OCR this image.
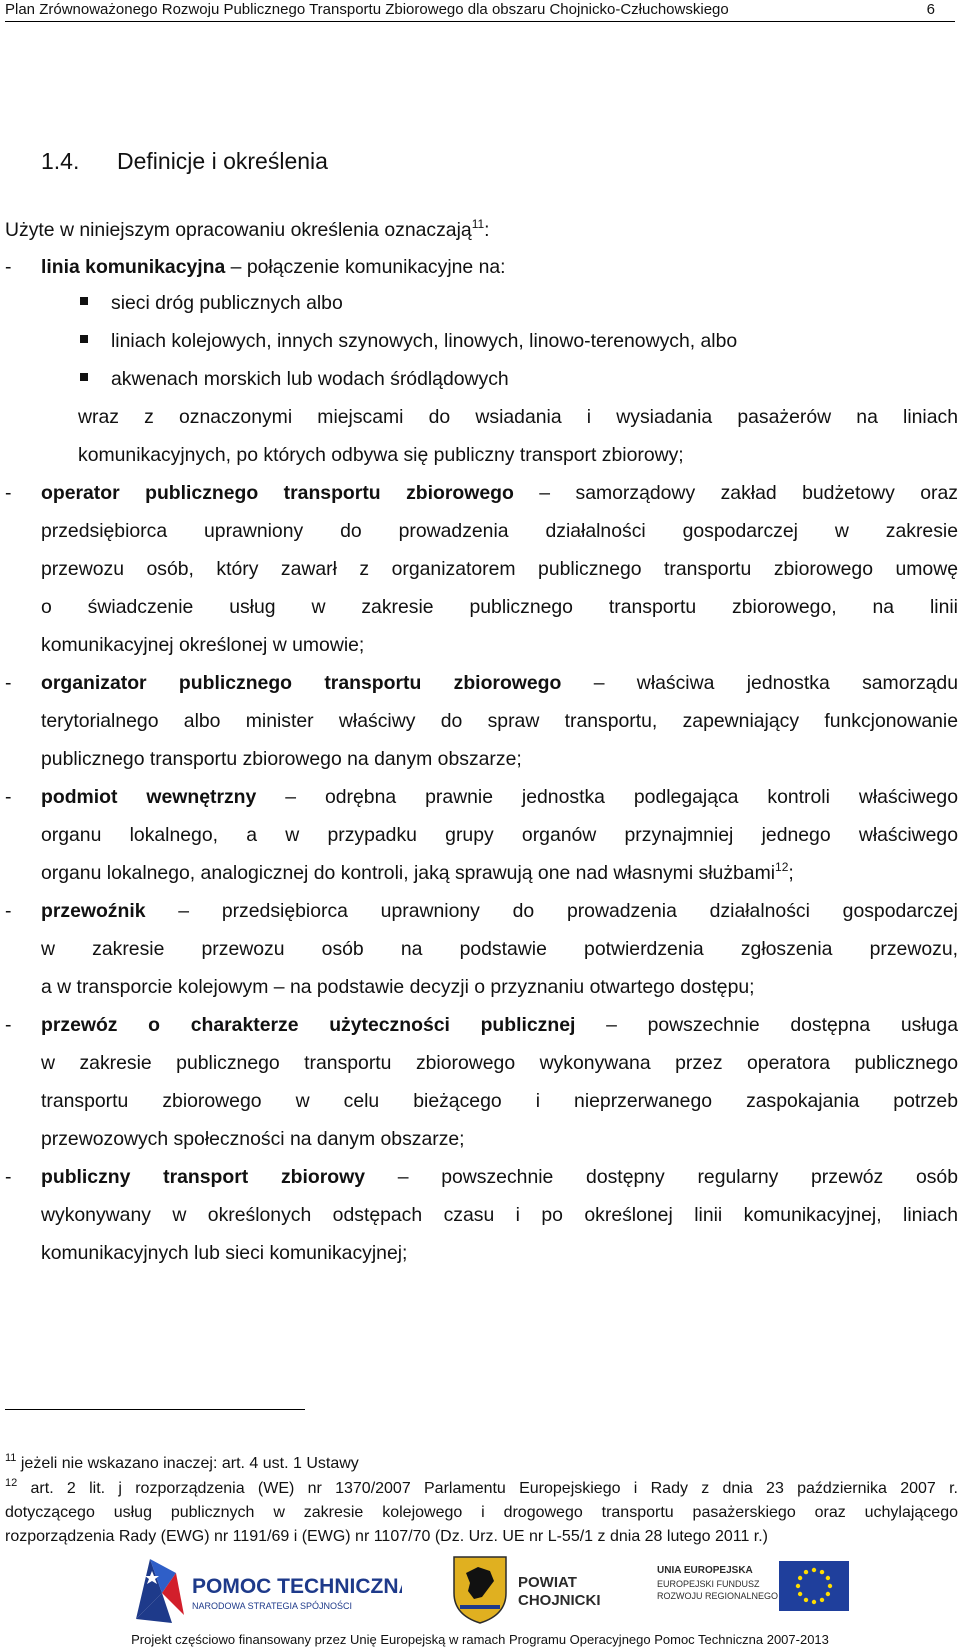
Plan Zrównoważonego Rozwoju Publicznego Transportu Zbiorowego dla obszaru Chojnicko-Człuchowskiego	6
1.4. Definicje i określenia
Użyte w niniejszym opracowaniu określenia oznaczają$^{11}$:
- linia komunikacyjna – połączenie komunikacyjne na:
sieci dróg publicznych albo
liniach kolejowych, innych szynowych, linowych, linowo-terenowych, albo
akwenach morskich lub wodach śródlądowych
wraz z oznaczonymi miejscami do wsiadania i wysiadania pasażerów na liniach
komunikacyjnych, po których odbywa się publiczny transport zbiorowy;
- operator publicznego transportu zbiorowego – samorządowy zakład budżetowy oraz
przedsiębiorca uprawniony do prowadzenia działalności gospodarczej w zakresie
przewozu osób, który zawarł z organizatorem publicznego transportu zbiorowego umowę
o świadczenie usług w zakresie publicznego transportu zbiorowego, na linii
komunikacyjnej określonej w umowie;
- organizator publicznego transportu zbiorowego – właściwa jednostka samorządu
terytorialnego albo minister właściwy do spraw transportu, zapewniający funkcjonowanie
publicznego transportu zbiorowego na danym obszarze;
- podmiot wewnętrzny – odrębna prawnie jednostka podlegająca kontroli właściwego
organu lokalnego, a w przypadku grupy organów przynajmniej jednego właściwego
organu lokalnego, analogicznej do kontroli, jaką sprawują one nad własnymi służbami$^{12}$;
- przewoźnik – przedsiębiorca uprawniony do prowadzenia działalności gospodarczej
w zakresie przewozu osób na podstawie potwierdzenia zgłoszenia przewozu,
a w transporcie kolejowym – na podstawie decyzji o przyznaniu otwartego dostępu;
- przewóz o charakterze użyteczności publicznej – powszechnie dostępna usługa
w zakresie publicznego transportu zbiorowego wykonywana przez operatora publicznego
transportu zbiorowego w celu bieżącego i nieprzerwanego zaspokajania potrzeb
przewozowych społeczności na danym obszarze;
- publiczny transport zbiorowy – powszechnie dostępny regularny przewóz osób
wykonywany w określonych odstępach czasu i po określonej linii komunikacyjnej, liniach
komunikacyjnych lub sieci komunikacyjnej;
$^{11}$ jeżeli nie wskazano inaczej: art. 4 ust. 1 Ustawy
$^{12}$ art. 2 lit. j rozporządzenia (WE) nr 1370/2007 Parlamentu Europejskiego i Rady z dnia 23 października 2007 r.
dotyczącego usług publicznych w zakresie kolejowego i drogowego transportu pasażerskiego oraz uchylającego
rozporządzenia Rady (EWG) nr 1191/69 i (EWG) nr 1107/70 (Dz. Urz. UE nr L-55/1 z dnia 28 lutego 2011 r.)
POMOC TECHNICZNA
NARODOWA STRATEGIA SPÓJNOŚCI
POWIAT
CHOJNICKI
UNIA EUROPEJSKA
EUROPEJSKI FUNDUSZ
ROZWOJU REGIONALNEGO
Projekt częściowo finansowany przez Unię Europejską w ramach Programu Operacyjnego Pomoc Techniczna 2007-2013
